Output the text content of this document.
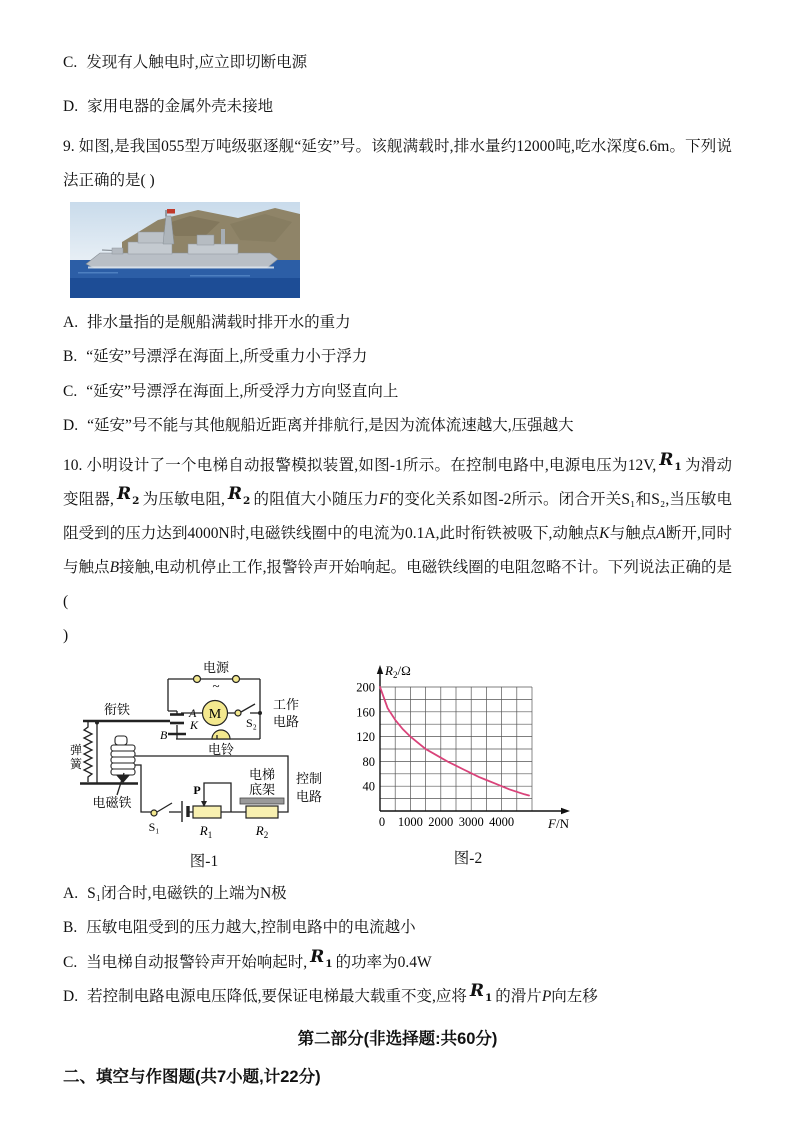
C. 发现有人触电时,应立即切断电源
D. 家用电器的金属外壳未接地
9. 如图,是我国055型万吨级驱逐舰“延安”号。该舰满载时,排水量约12000吨,吃水深度6.6m。下列说法正确的是( )
A. 排水量指的是舰船满载时排开水的重力
B. “延安”号漂浮在海面上,所受重力小于浮力
C. “延安”号漂浮在海面上,所受浮力方向竖直向上
D. “延安”号不能与其他舰船近距离并排航行,是因为流体流速越大,压强越大
10. 小明设计了一个电梯自动报警模拟装置,如图-1所示。在控制电路中,电源电压为12V, $R_1$ 为滑动变阻器, $R_2$ 为压敏电阻, $R_2$ 的阻值大小随压力F的变化关系如图-2所示。闭合开关S₁和S₂,当压敏电阻受到的压力达到4000N时,电磁铁线圈中的电流为0.1A,此时衔铁被吸下,动触点K与触点A断开,同时与触点B接触,电动机停止工作,报警铃声开始响起。电磁铁线圈的电阻忽略不计。下列说法正确的是(
)
电源
~
A
K
B
衔铁
弹
簧
电磁铁
M
S₂
工作
电路
电铃
控制
电路
S₁
P
$R_1$
电梯
底架
$R_2$
图-1
0 1000 2000 3000 4000
40
80
120
160
200
$R_2/\Omega$
F/N
图-2
A. S₁闭合时,电磁铁的上端为N极
B. 压敏电阻受到的压力越大,控制电路中的电流越小
C. 当电梯自动报警铃声开始响起时, $R_1$ 的功率为0.4W
D. 若控制电路电源电压降低,要保证电梯最大载重不变,应将 $R_1$ 的滑片P向左移
第二部分(非选择题:共60分)
二、填空与作图题(共7小题,计22分)
